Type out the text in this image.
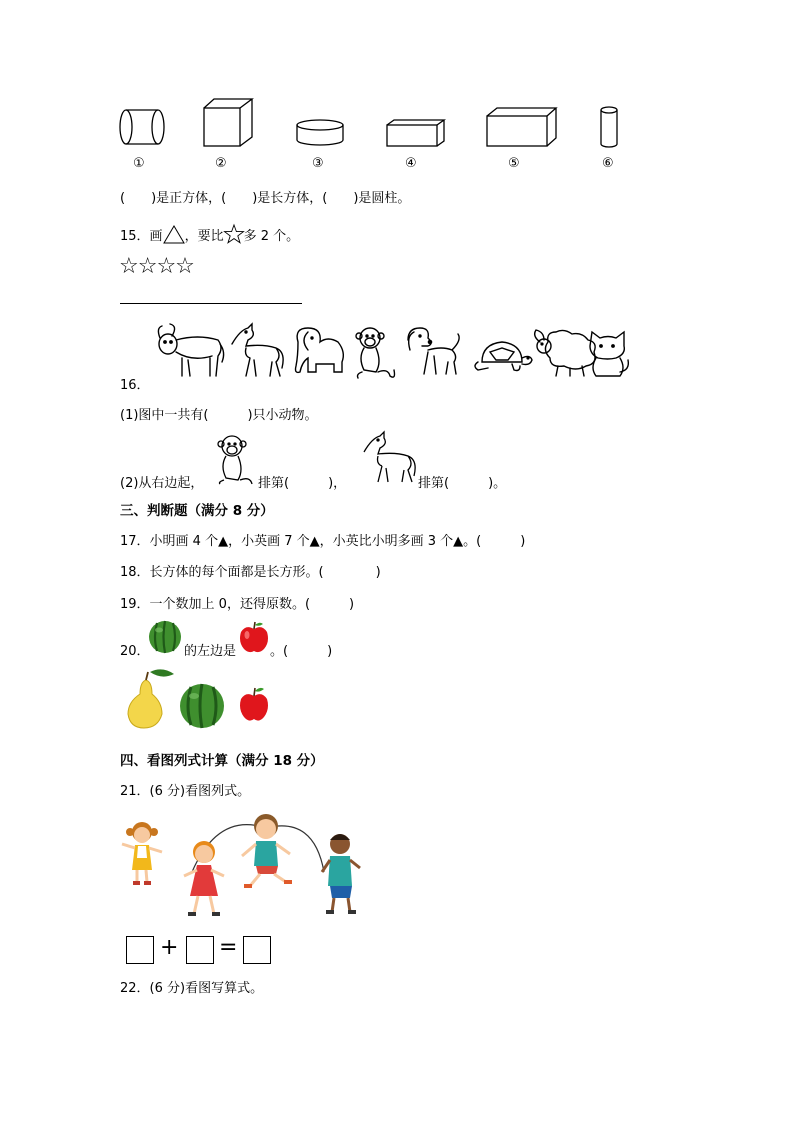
①	②	③	④	⑤	⑥
(　　)是正方体，(　　)是长方体，(　　)是圆柱。
15． 画 ，要比 多 2 个。
☆☆☆☆
16．
(1)图中一共有(　　　)只小动物。
(2)从右边起，	排第(　　　)，	排第(　　　)。
三、判断题（满分 8 分）
17．小明画 4 个▲，小英画 7 个▲，小英比小明多画 3 个▲。(　　　)
18．长方体的每个面都是长方形。(　　　　)
19．一个数加上 0，还得原数。(　　　)
20．	的左边是	。(　　　)
四、看图列式计算（满分 18 分）
21．(6 分)看图列式。
+ =
22．(6 分)看图写算式。
